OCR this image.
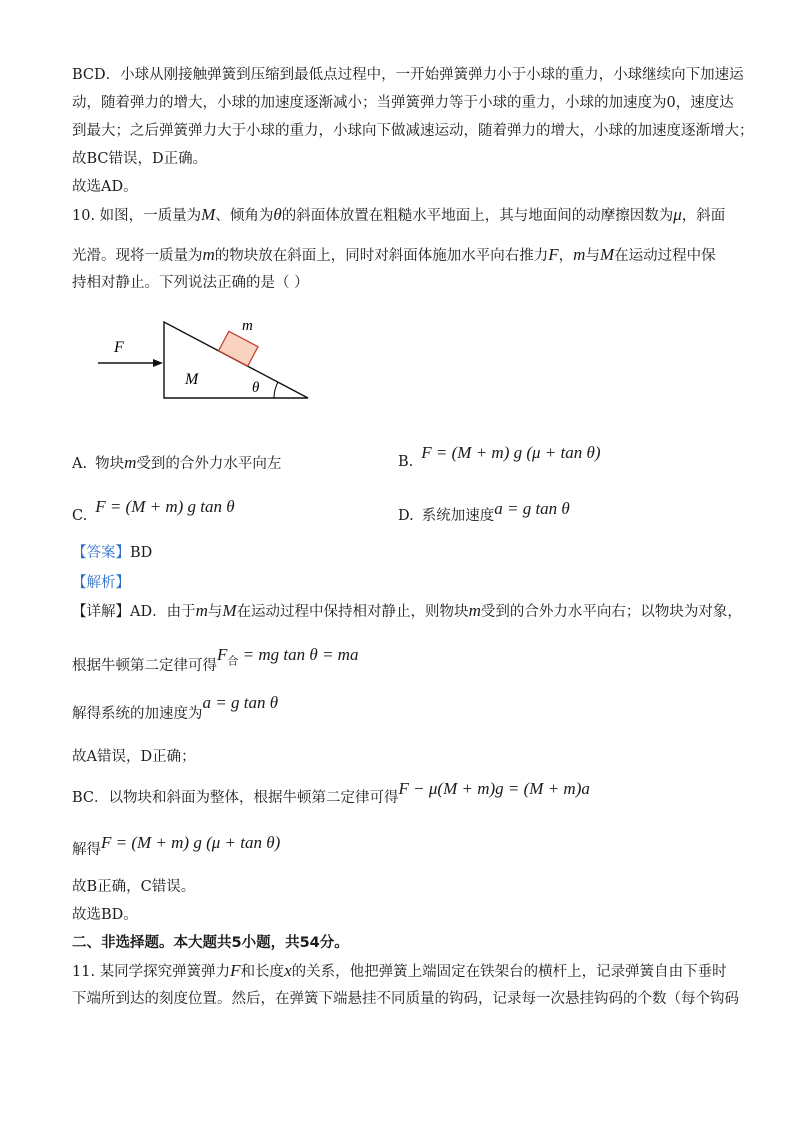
BCD．小球从刚接触弹簧到压缩到最低点过程中，一开始弹簧弹力小于小球的重力，小球继续向下加速运
动，随着弹力的增大，小球的加速度逐渐减小；当弹簧弹力等于小球的重力，小球的加速度为0，速度达
到最大；之后弹簧弹力大于小球的重力，小球向下做减速运动，随着弹力的增大，小球的加速度逐渐增大；
故BC错误，D正确。
故选AD。
10. 如图，一质量为M、倾角为θ的斜面体放置在粗糙水平地面上，其与地面间的动摩擦因数为μ，斜面
光滑。现将一质量为m的物块放在斜面上，同时对斜面体施加水平向右推力F，m与M在运动过程中保
持相对静止。下列说法正确的是（ ）
m
F
M	θ
A. 物块m受到的合外力水平向左	B. F = (M + m) g (μ + tan θ)
C. F = (M + m) g tan θ	D. 系统加速度a = g tan θ
【答案】BD
【解析】
【详解】AD．由于m与M在运动过程中保持相对静止，则物块m受到的合外力水平向右；以物块为对象，
根据牛顿第二定律可得$F_合$ = mg tan θ = ma
解得系统的加速度为a = g tan θ
故A错误，D正确；
BC．以物块和斜面为整体，根据牛顿第二定律可得F − μ(M + m)g = (M + m)a
解得F = (M + m) g (μ + tan θ)
故B正确，C错误。
故选BD。
二、非选择题。本大题共5小题，共54分。
11. 某同学探究弹簧弹力F和长度x的关系，他把弹簧上端固定在铁架台的横杆上，记录弹簧自由下垂时
下端所到达的刻度位置。然后，在弹簧下端悬挂不同质量的钩码，记录每一次悬挂钩码的个数（每个钩码
